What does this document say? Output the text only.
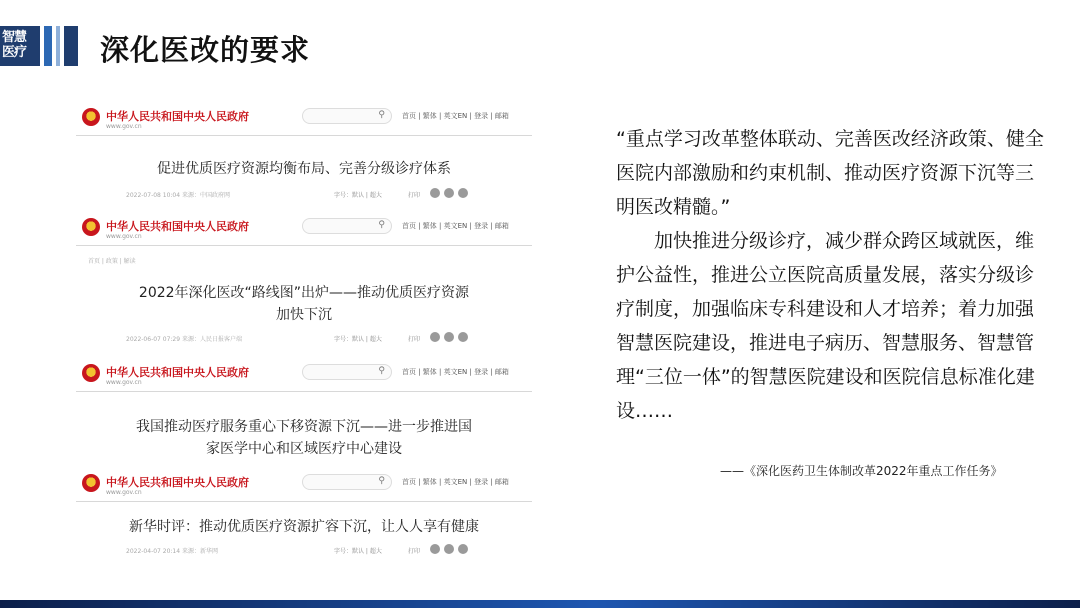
智慧
医疗	深化医改的要求
中华人民共和国中央人民政府
www.gov.cn
⚲ 首页 | 繁体 | 英文EN | 登录 | 邮箱
促进优质医疗资源均衡布局、完善分级诊疗体系
2022-07-08 10:04 来源：中国政府网	字号：默认 | 超大	打印
中华人民共和国中央人民政府
www.gov.cn
⚲ 首页 | 繁体 | 英文EN | 登录 | 邮箱
首页 | 政策 | 解读
2022年深化医改“路线图”出炉——推动优质医疗资源加快下沉
2022-06-07 07:29 来源：人民日报客户端	字号：默认 | 超大	打印
中华人民共和国中央人民政府
www.gov.cn
⚲ 首页 | 繁体 | 英文EN | 登录 | 邮箱
我国推动医疗服务重心下移资源下沉——进一步推进国家医学中心和区域医疗中心建设
中华人民共和国中央人民政府
www.gov.cn
⚲ 首页 | 繁体 | 英文EN | 登录 | 邮箱
新华时评：推动优质医疗资源扩容下沉，让人人享有健康
2022-04-07 20:14 来源：新华网	字号：默认 | 超大	打印
“重点学习改革整体联动、完善医改经济政策、健全医院内部激励和约束机制、推动医疗资源下沉等三明医改精髓。”
加快推进分级诊疗，减少群众跨区域就医，维护公益性，推进公立医院高质量发展，落实分级诊疗制度，加强临床专科建设和人才培养；着力加强智慧医院建设，推进电子病历、智慧服务、智慧管理“三位一体”的智慧医院建设和医院信息标准化建设……
——《深化医药卫生体制改革2022年重点工作任务》
